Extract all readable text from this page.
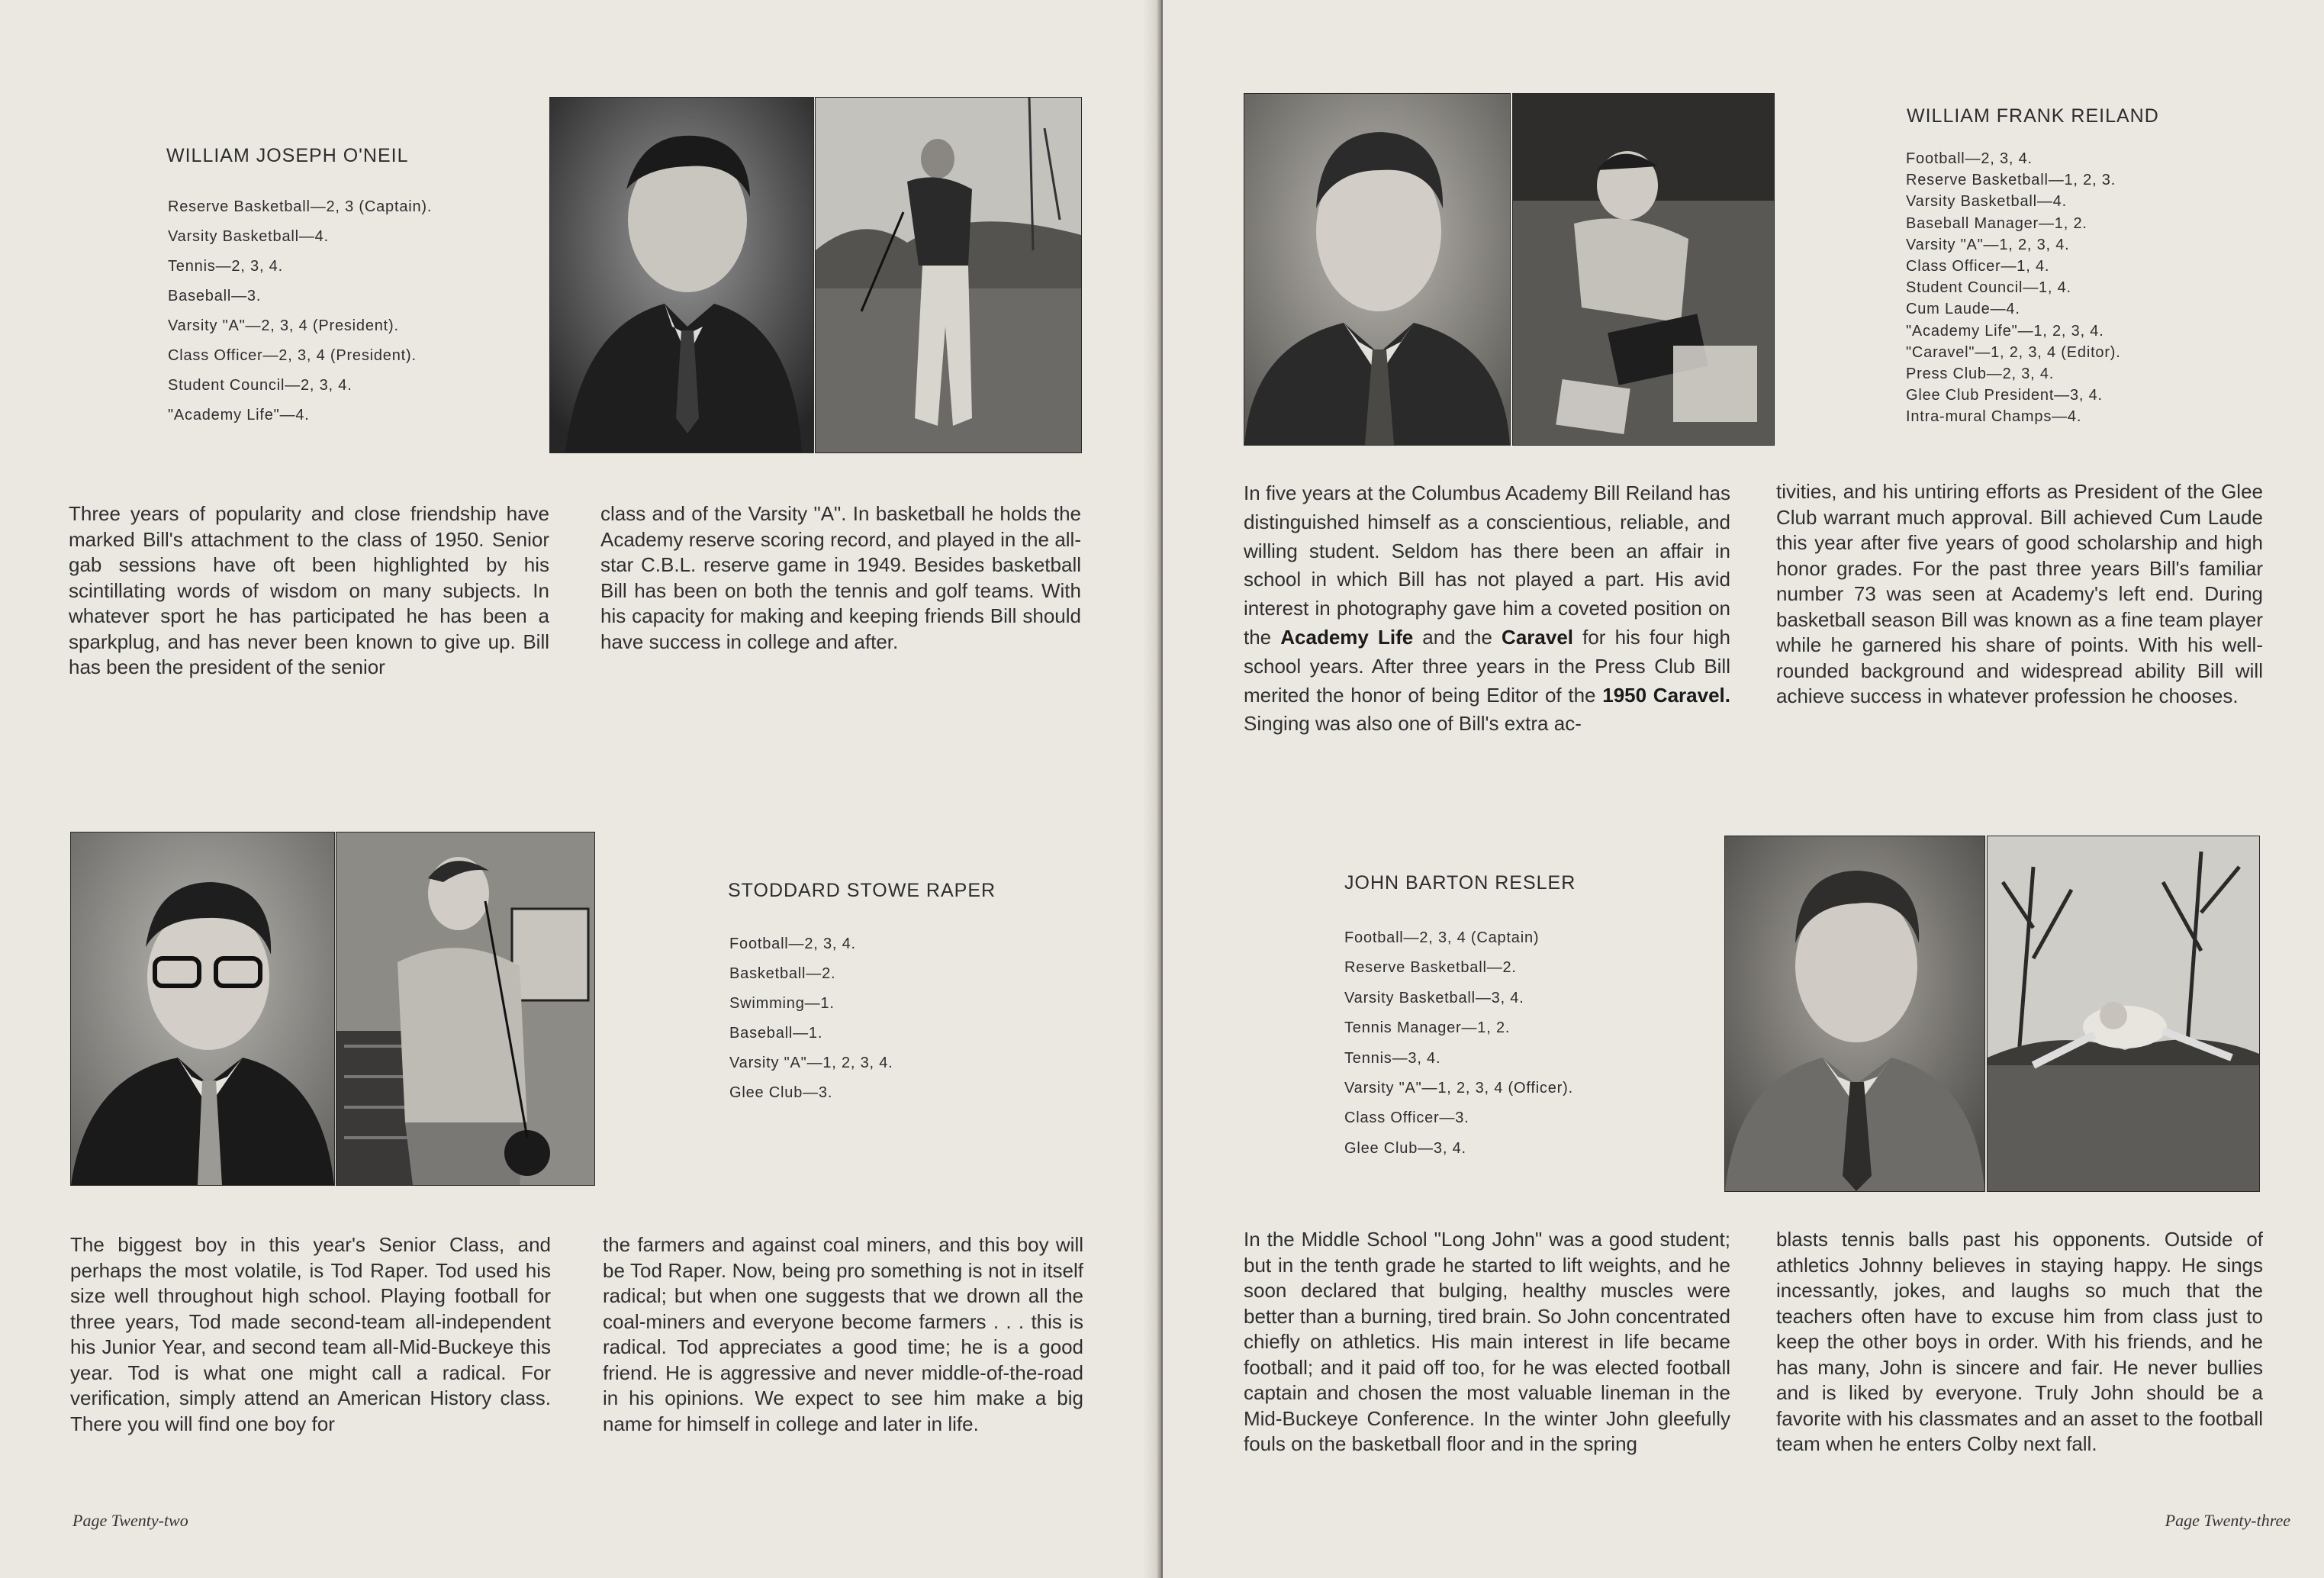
WILLIAM JOSEPH O'NEIL
Reserve Basketball—2, 3 (Captain).
Varsity Basketball—4.
Tennis—2, 3, 4.
Baseball—3.
Varsity "A"—2, 3, 4 (President).
Class Officer—2, 3, 4 (President).
Student Council—2, 3, 4.
"Academy Life"—4.

Three years of popularity and close friendship have marked Bill's attachment to the class of 1950. Senior gab sessions have oft been highlighted by his scintillating words of wisdom on many subjects. In whatever sport he has participated he has been a sparkplug, and has never been known to give up. Bill has been the president of the senior

class and of the Varsity "A". In basketball he holds the Academy reserve scoring record, and played in the all-star C.B.L. reserve game in 1949. Besides basketball Bill has been on both the tennis and golf teams. With his capacity for making and keeping friends Bill should have success in college and after.

STODDARD STOWE RAPER
Football—2, 3, 4.
Basketball—2.
Swimming—1.
Baseball—1.
Varsity "A"—1, 2, 3, 4.
Glee Club—3.

The biggest boy in this year's Senior Class, and perhaps the most volatile, is Tod Raper. Tod used his size well throughout high school. Playing football for three years, Tod made second-team all-independent his Junior Year, and second team all-Mid-Buckeye this year. Tod is what one might call a radical. For verification, simply attend an American History class. There you will find one boy for

the farmers and against coal miners, and this boy will be Tod Raper. Now, being pro something is not in itself radical; but when one suggests that we drown all the coal-miners and everyone become farmers . . . this is radical. Tod appreciates a good time; he is a good friend. He is aggressive and never middle-of-the-road in his opinions. We expect to see him make a big name for himself in college and later in life.

Page Twenty-two

WILLIAM FRANK REILAND
Football—2, 3, 4.
Reserve Basketball—1, 2, 3.
Varsity Basketball—4.
Baseball Manager—1, 2.
Varsity "A"—1, 2, 3, 4.
Class Officer—1, 4.
Student Council—1, 4.
Cum Laude—4.
"Academy Life"—1, 2, 3, 4.
"Caravel"—1, 2, 3, 4 (Editor).
Press Club—2, 3, 4.
Glee Club President—3, 4.
Intra-mural Champs—4.

In five years at the Columbus Academy Bill Reiland has distinguished himself as a conscientious, reliable, and willing student. Seldom has there been an affair in school in which Bill has not played a part. His avid interest in photography gave him a coveted position on the Academy Life and the Caravel for his four high school years. After three years in the Press Club Bill merited the honor of being Editor of the 1950 Caravel. Singing was also one of Bill's extra ac-

tivities, and his untiring efforts as President of the Glee Club warrant much approval. Bill achieved Cum Laude this year after five years of good scholarship and high honor grades. For the past three years Bill's familiar number 73 was seen at Academy's left end. During basketball season Bill was known as a fine team player while he garnered his share of points. With his well-rounded background and widespread ability Bill will achieve success in whatever profession he chooses.

JOHN BARTON RESLER
Football—2, 3, 4 (Captain)
Reserve Basketball—2.
Varsity Basketball—3, 4.
Tennis Manager—1, 2.
Tennis—3, 4.
Varsity "A"—1, 2, 3, 4 (Officer).
Class Officer—3.
Glee Club—3, 4.

In the Middle School "Long John" was a good student; but in the tenth grade he started to lift weights, and he soon declared that bulging, healthy muscles were better than a burning, tired brain. So John concentrated chiefly on athletics. His main interest in life became football; and it paid off too, for he was elected football captain and chosen the most valuable lineman in the Mid-Buckeye Conference. In the winter John gleefully fouls on the basketball floor and in the spring

blasts tennis balls past his opponents. Outside of athletics Johnny believes in staying happy. He sings incessantly, jokes, and laughs so much that the teachers often have to excuse him from class just to keep the other boys in order. With his friends, and he has many, John is sincere and fair. He never bullies and is liked by everyone. Truly John should be a favorite with his classmates and an asset to the football team when he enters Colby next fall.

Page Twenty-three
